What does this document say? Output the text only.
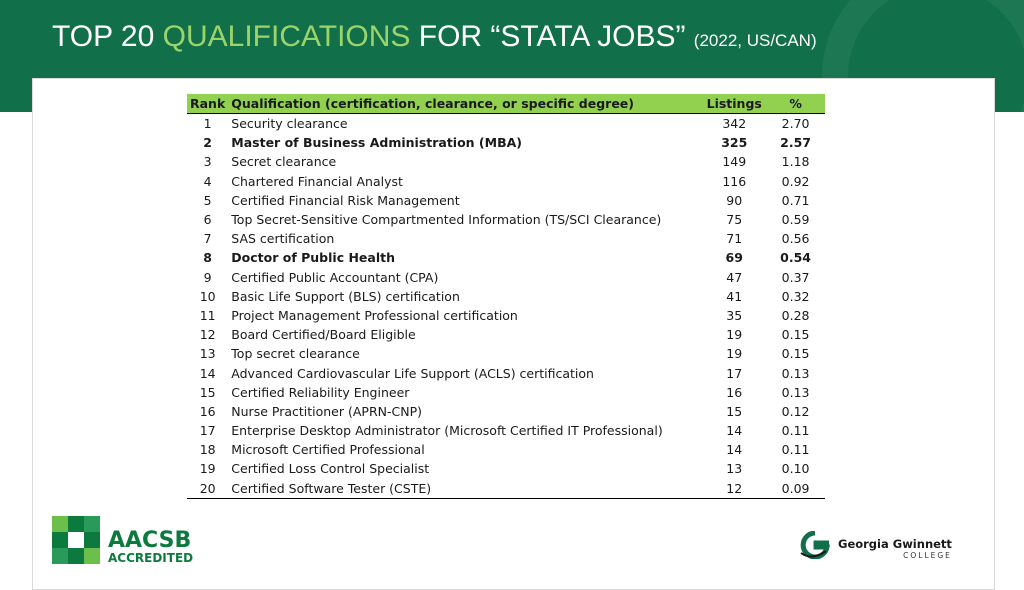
TOP 20 QUALIFICATIONS FOR “STATA JOBS” (2022, US/CAN)
Rank	Qualification (certification, clearance, or specific degree)	Listings	%
1	Security clearance	342	2.70
2	Master of Business Administration (MBA)	325	2.57
3	Secret clearance	149	1.18
4	Chartered Financial Analyst	116	0.92
5	Certified Financial Risk Management	90	0.71
6	Top Secret-Sensitive Compartmented Information (TS/SCI Clearance)	75	0.59
7	SAS certification	71	0.56
8	Doctor of Public Health	69	0.54
9	Certified Public Accountant (CPA)	47	0.37
10	Basic Life Support (BLS) certification	41	0.32
11	Project Management Professional certification	35	0.28
12	Board Certified/Board Eligible	19	0.15
13	Top secret clearance	19	0.15
14	Advanced Cardiovascular Life Support (ACLS) certification	17	0.13
15	Certified Reliability Engineer	16	0.13
16	Nurse Practitioner (APRN-CNP)	15	0.12
17	Enterprise Desktop Administrator (Microsoft Certified IT Professional)	14	0.11
18	Microsoft Certified Professional	14	0.11
19	Certified Loss Control Specialist	13	0.10
20	Certified Software Tester (CSTE)	12	0.09
AACSB
ACCREDITED
Georgia Gwinnett
COLLEGE
